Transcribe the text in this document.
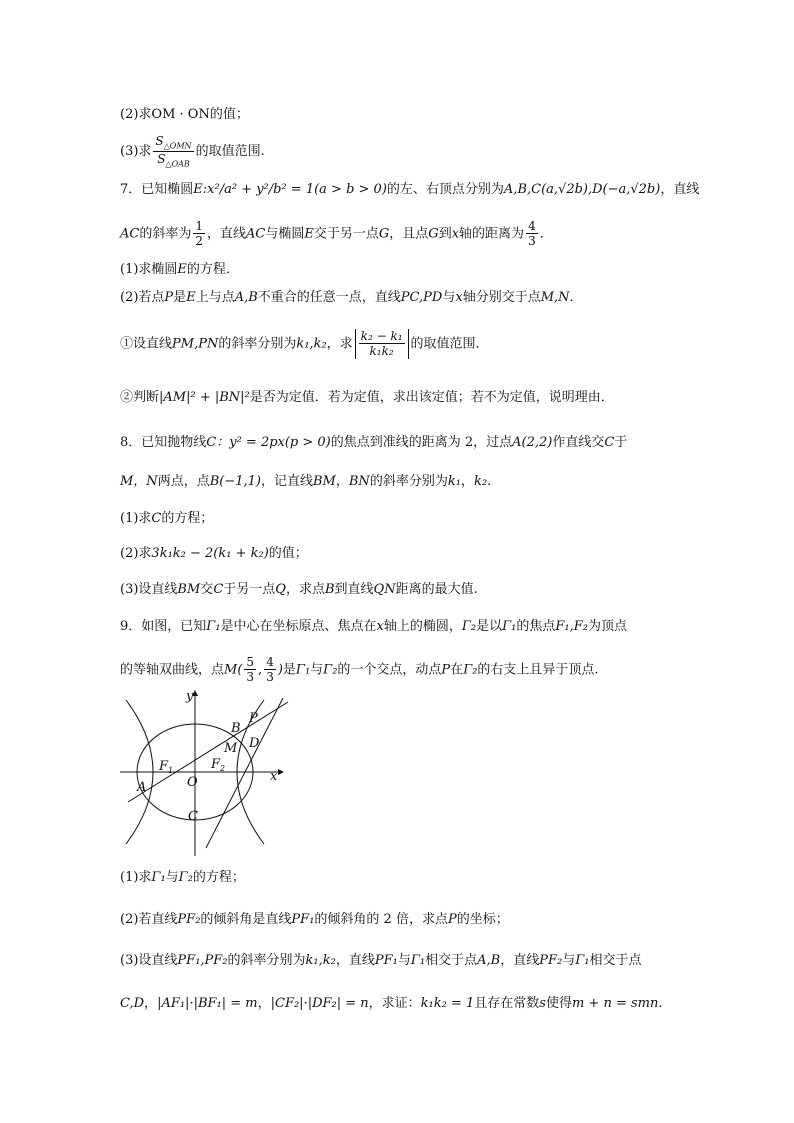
(2)求OM · ON的值；
(3)求 $\frac{S_{\triangle OMN}}{S_{\triangle OAB}}$ 的取值范围.
7．已知椭圆E:x²/a² + y²/b² = 1(a > b > 0)的左、右顶点分别为A,B,C(a,√2b),D(−a,√2b)，直线
AC的斜率为 $\frac{1}{2}$ ，直线AC与椭圆E交于另一点G，且点G到x轴的距离为 $\frac{4}{3}$ ．
(1)求椭圆E的方程．
(2)若点P是E上与点A,B不重合的任意一点，直线PC,PD与x轴分别交于点M,N．
①设直线PM,PN的斜率分别为k₁,k₂，求 $\frac{\text{k₂ − k₁}}{\text{k₁k₂}}$ 的取值范围．
②判断|AM|² + |BN|²是否为定值．若为定值，求出该定值；若不为定值，说明理由．
8．已知抛物线C：y² = 2px(p > 0)的焦点到准线的距离为 2，过点A(2,2)作直线交C于
M，N两点，点B(−1,1)，记直线BM，BN的斜率分别为k₁，k₂.
(1)求C的方程；
(2)求3k₁k₂ − 2(k₁ + k₂)的值；
(3)设直线BM交C于另一点Q，求点B到直线QN距离的最大值.
9．如图，已知Γ₁是中心在坐标原点、焦点在x轴上的椭圆，Γ₂是以Γ₁的焦点F₁,F₂为顶点
的等轴双曲线，点$M( \frac{5}{3}$ , $\frac{4}{3}$ )是Γ₁与Γ₂的一个交点，动点P在Γ₂的右支上且异于顶点.
x
y
O
F 1	F 2
A
B
C
D
M
P
(1)求Γ₁与Γ₂的方程；
(2)若直线PF₂的倾斜角是直线PF₁的倾斜角的 2 倍，求点P的坐标；
(3)设直线PF₁,PF₂的斜率分别为k₁,k₂，直线PF₁与Γ₁相交于点A,B，直线PF₂与Γ₁相交于点
C,D，|AF₁|·|BF₁| = m，|CF₂|·|DF₂| = n，求证：k₁k₂ = 1且存在常数s使得m + n = smn.
